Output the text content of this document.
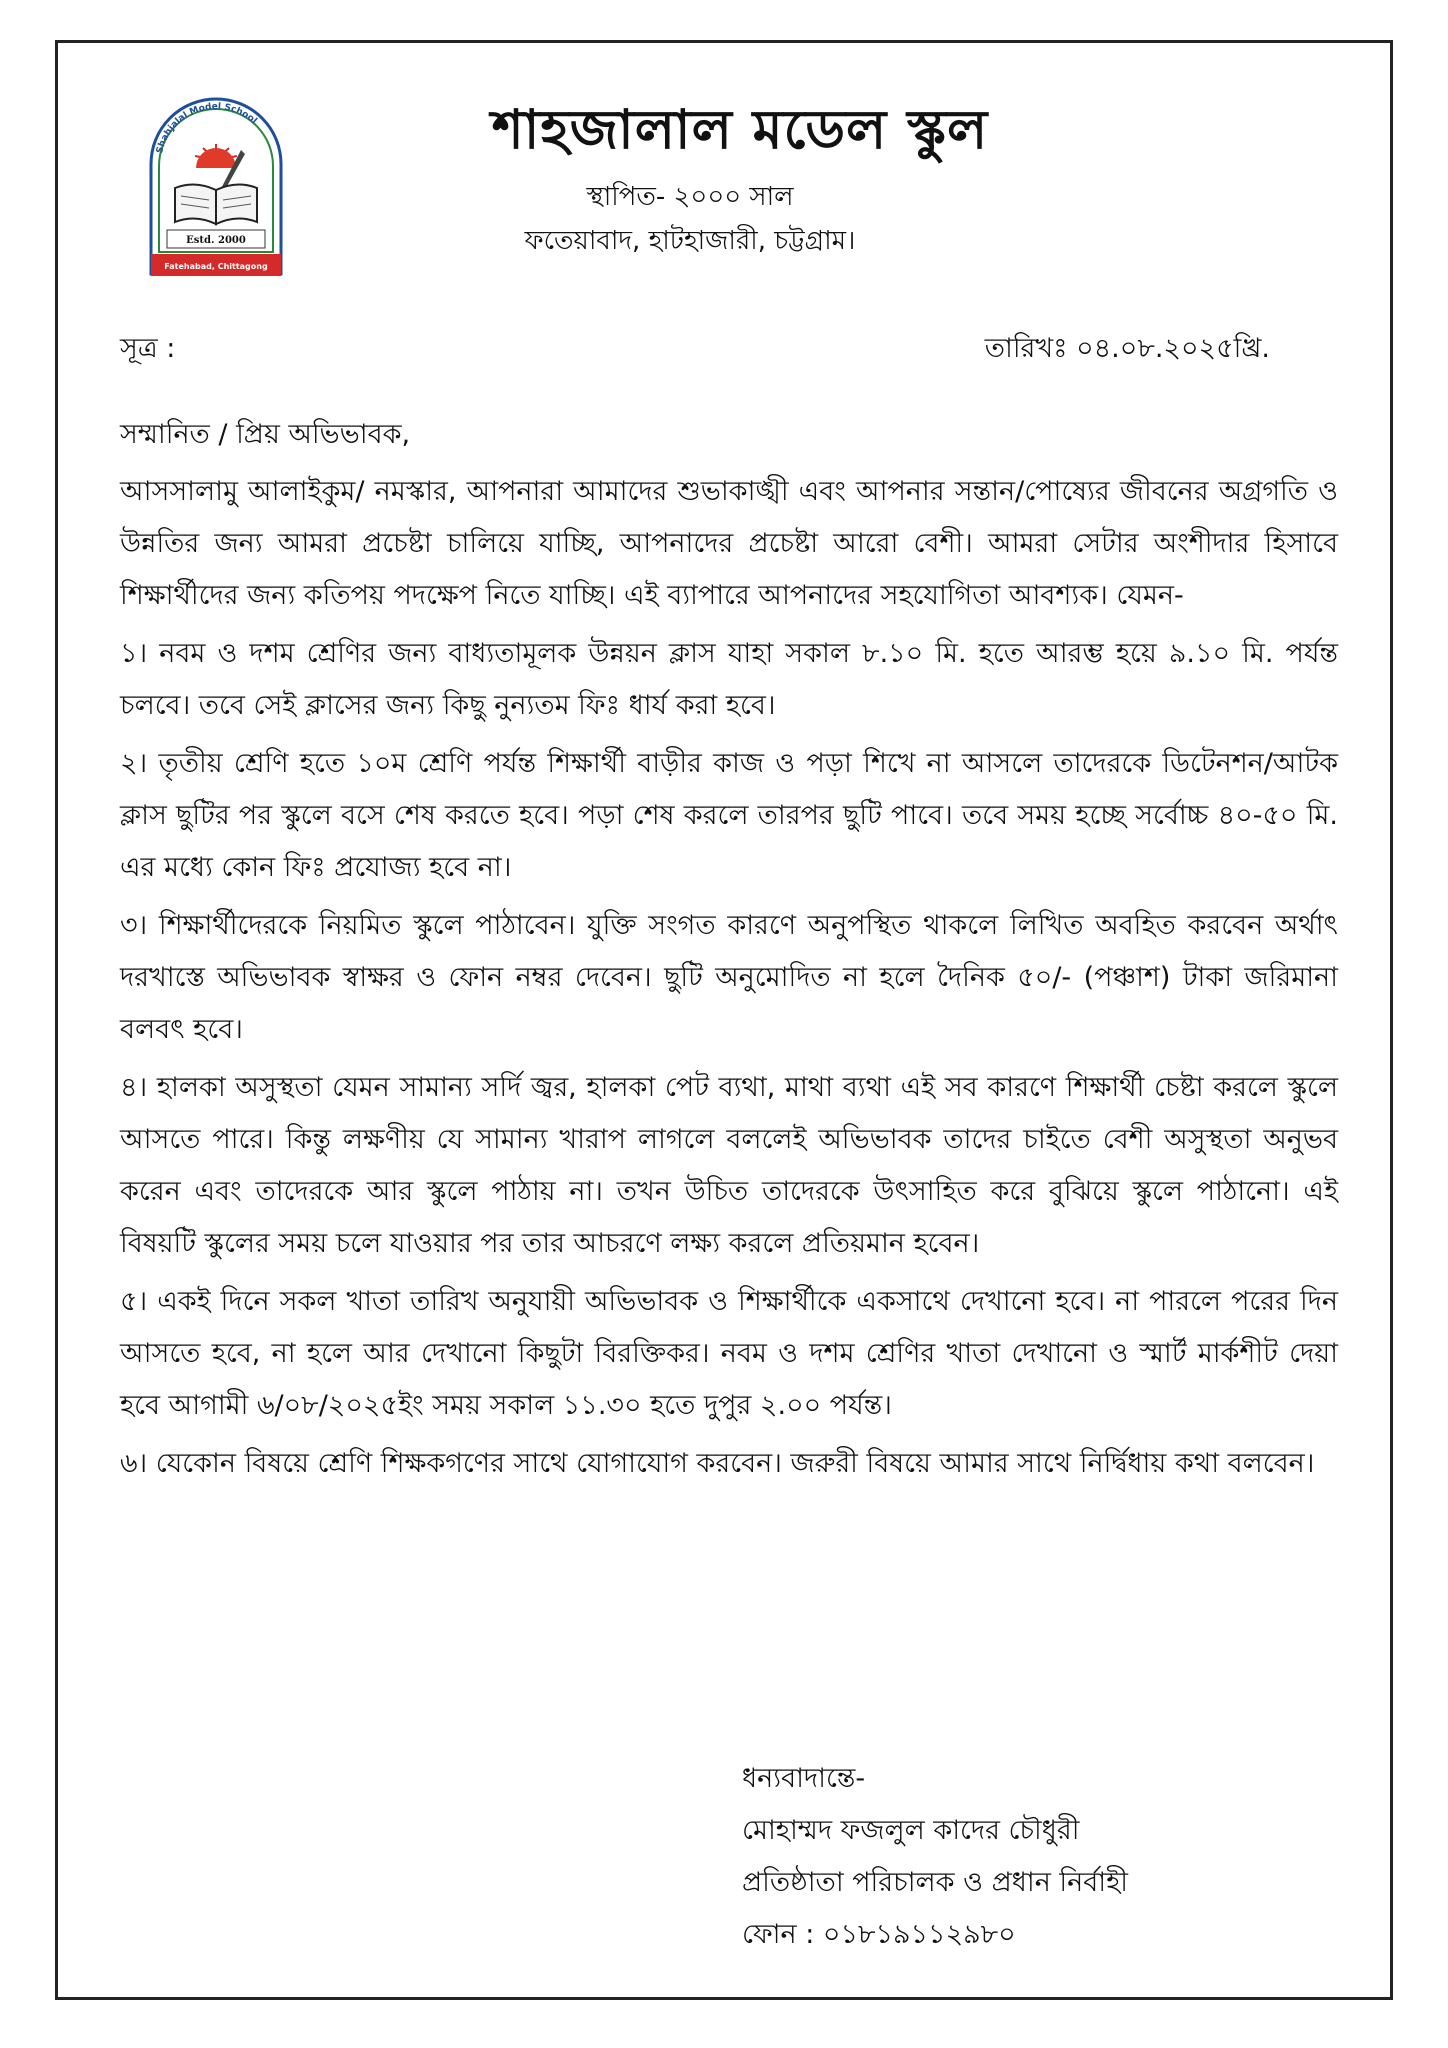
Shahjalal Model School
Estd. 2000
Fatehabad, Chittagong
শাহজালাল মডেল স্কুল
স্থাপিত- ২০০০ সাল
ফতেয়াবাদ, হাটহাজারী, চট্টগ্রাম।
সূত্র :	তারিখঃ ০৪.০৮.২০২৫খ্রি.
সম্মানিত / প্রিয় অভিভাবক,

আসসালামু আলাইকুম/ নমস্কার, আপনারা আমাদের শুভাকাঙ্খী এবং আপনার সন্তান/পোষ্যের জীবনের অগ্রগতি ও উন্নতির জন্য আমরা প্রচেষ্টা চালিয়ে যাচ্ছি, আপনাদের প্রচেষ্টা আরো বেশী। আমরা সেটার অংশীদার হিসাবে শিক্ষার্থীদের জন্য কতিপয় পদক্ষেপ নিতে যাচ্ছি। এই ব্যাপারে আপনাদের সহযোগিতা আবশ্যক। যেমন-

১। নবম ও দশম শ্রেণির জন্য বাধ্যতামূলক উন্নয়ন ক্লাস যাহা সকাল ৮.১০ মি. হতে আরম্ভ হয়ে ৯.১০ মি. পর্যন্ত চলবে। তবে সেই ক্লাসের জন্য কিছু নুন্যতম ফিঃ ধার্য করা হবে।

২। তৃতীয় শ্রেণি হতে ১০ম শ্রেণি পর্যন্ত শিক্ষার্থী বাড়ীর কাজ ও পড়া শিখে না আসলে তাদেরকে ডিটেনশন/আটক ক্লাস ছুটির পর স্কুলে বসে শেষ করতে হবে। পড়া শেষ করলে তারপর ছুটি পাবে। তবে সময় হচ্ছে সর্বোচ্চ ৪০-৫০ মি. এর মধ্যে কোন ফিঃ প্রযোজ্য হবে না।

৩। শিক্ষার্থীদেরকে নিয়মিত স্কুলে পাঠাবেন। যুক্তি সংগত কারণে অনুপস্থিত থাকলে লিখিত অবহিত করবেন অর্থাৎ দরখাস্তে অভিভাবক স্বাক্ষর ও ফোন নম্বর দেবেন। ছুটি অনুমোদিত না হলে দৈনিক ৫০/- (পঞ্চাশ) টাকা জরিমানা বলবৎ হবে।

৪। হালকা অসুস্থতা যেমন সামান্য সর্দি জ্বর, হালকা পেট ব্যথা, মাথা ব্যথা এই সব কারণে শিক্ষার্থী চেষ্টা করলে স্কুলে আসতে পারে। কিন্তু লক্ষণীয় যে সামান্য খারাপ লাগলে বললেই অভিভাবক তাদের চাইতে বেশী অসুস্থতা অনুভব করেন এবং তাদেরকে আর স্কুলে পাঠায় না। তখন উচিত তাদেরকে উৎসাহিত করে বুঝিয়ে স্কুলে পাঠানো। এই বিষয়টি স্কুলের সময় চলে যাওয়ার পর তার আচরণে লক্ষ্য করলে প্রতিয়মান হবেন।

৫। একই দিনে সকল খাতা তারিখ অনুযায়ী অভিভাবক ও শিক্ষার্থীকে একসাথে দেখানো হবে। না পারলে পরের দিন আসতে হবে, না হলে আর দেখানো কিছুটা বিরক্তিকর। নবম ও দশম শ্রেণির খাতা দেখানো ও স্মার্ট মার্কশীট দেয়া হবে আগামী ৬/০৮/২০২৫ইং সময় সকাল ১১.৩০ হতে দুপুর ২.০০ পর্যন্ত।

৬। যেকোন বিষয়ে শ্রেণি শিক্ষকগণের সাথে যোগাযোগ করবেন। জরুরী বিষয়ে আমার সাথে নির্দ্বিধায় কথা বলবেন।

ধন্যবাদান্তে-
মোহাম্মদ ফজলুল কাদের চৌধুরী
প্রতিষ্ঠাতা পরিচালক ও প্রধান নির্বাহী
ফোন : ০১৮১৯১১২৯৮০
